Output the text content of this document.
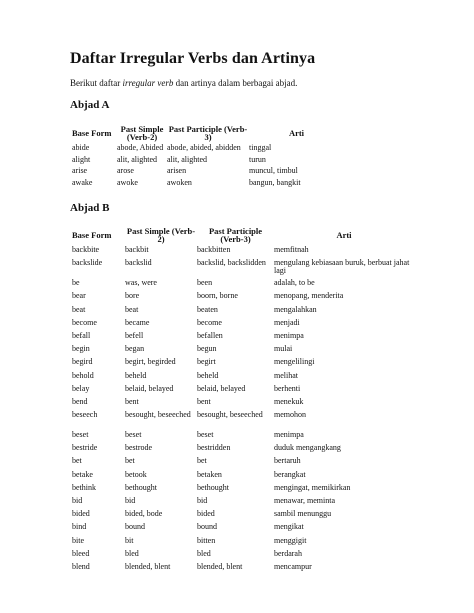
Daftar Irregular Verbs dan Artinya

Berikut daftar irregular verb dan artinya dalam berbagai abjad.

Abjad A
Base Form	Past Simple (Verb-2)	Past Participle (Verb-3)	Arti
abide	abode, Abided	abode, abided, abidden	tinggal
alight	alit, alighted	alit, alighted	turun
arise	arose	arisen	muncul, timbul
awake	awoke	awoken	bangun, bangkit
Abjad B
Base Form	Past Simple (Verb-2)	Past Participle (Verb-3)	Arti
backbite	backbit	backbitten	memfitnah
backslide	backslid	backslid, backslidden	mengulang kebiasaan buruk, berbuat jahat lagi
be	was, were	been	adalah, to be
bear	bore	boorn, borne	menopang, menderita
beat	beat	beaten	mengalahkan
become	became	become	menjadi
befall	befell	befallen	menimpa
begin	began	begun	mulai
begird	begirt, begirded	begirt	mengelilingi
behold	beheld	beheld	melihat
belay	belaid, belayed	belaid, belayed	berhenti
bend	bent	bent	menekuk
beseech	besought, beseeched	besought, beseeched	memohon
beset	beset	beset	menimpa
bestride	bestrode	bestridden	duduk mengangkang
bet	bet	bet	bertaruh
betake	betook	betaken	berangkat
bethink	bethought	bethought	mengingat, memikirkan
bid	bid	bid	menawar, meminta
bided	bided, bode	bided	sambil menunggu
bind	bound	bound	mengikat
bite	bit	bitten	menggigit
bleed	bled	bled	berdarah
blend	blended, blent	blended, blent	mencampur
